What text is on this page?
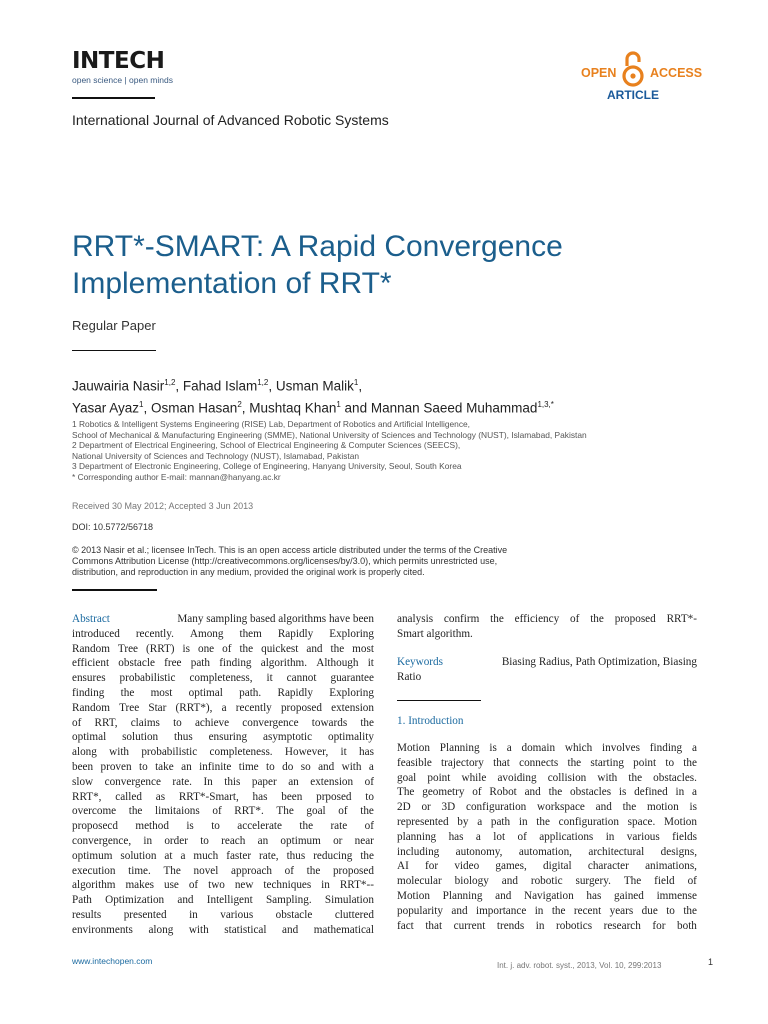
INTECH
open science | open minds	OPEN	ACCESS
ARTICLE
International Journal of Advanced Robotic Systems
RRT*-SMART: A Rapid Convergence
Implementation of RRT*
Regular Paper
Jauwairia Nasir$^{1,2}$, Fahad Islam$^{1,2}$, Usman Malik$^1$,
Yasar Ayaz$^1$, Osman Hasan$^2$, Mushtaq Khan$^1$ and Mannan Saeed Muhammad$^{1,3,*}$
1 Robotics & Intelligent Systems Engineering (RISE) Lab, Department of Robotics and Artificial Intelligence,
School of Mechanical & Manufacturing Engineering (SMME), National University of Sciences and Technology (NUST), Islamabad, Pakistan
2 Department of Electrical Engineering, School of Electrical Engineering & Computer Sciences (SEECS),
National University of Sciences and Technology (NUST), Islamabad, Pakistan
3 Department of Electronic Engineering, College of Engineering, Hanyang University, Seoul, South Korea
* Corresponding author E-mail: mannan@hanyang.ac.kr
Received 30 May 2012; Accepted 3 Jun 2013
DOI: 10.5772/56718
© 2013 Nasir et al.; licensee InTech. This is an open access article distributed under the terms of the Creative
Commons Attribution License (http://creativecommons.org/licenses/by/3.0), which permits unrestricted use,
distribution, and reproduction in any medium, provided the original work is properly cited.
Abstract	Many sampling based algorithms have been
introduced recently. Among them Rapidly Exploring
Random Tree (RRT) is one of the quickest and the most
efficient obstacle free path finding algorithm. Although it
ensures probabilistic completeness, it cannot guarantee
finding the most optimal path. Rapidly Exploring
Random Tree Star (RRT*), a recently proposed extension
of RRT, claims to achieve convergence towards the
optimal solution thus ensuring asymptotic optimality
along with probabilistic completeness. However, it has
been proven to take an infinite time to do so and with a
slow convergence rate. In this paper an extension of
RRT*, called as RRT*-Smart, has been prposed to
overcome the limitaions of RRT*. The goal of the
proposecd method is to accelerate the rate of
convergence, in order to reach an optimum or near
optimum solution at a much faster rate, thus reducing the
execution time. The novel approach of the proposed
algorithm makes use of two new techniques in RRT*--
Path Optimization and Intelligent Sampling. Simulation
results presented in various obstacle cluttered
environments along with statistical and mathematical
analysis confirm the efficiency of the proposed RRT*-
Smart algorithm.
Keywords	Biasing Radius, Path Optimization, Biasing
Ratio
1. Introduction
Motion Planning is a domain which involves finding a
feasible trajectory that connects the starting point to the
goal point while avoiding collision with the obstacles.
The geometry of Robot and the obstacles is defined in a
2D or 3D configuration workspace and the motion is
represented by a path in the configuration space. Motion
planning has a lot of applications in various fields
including autonomy, automation, architectural designs,
AI for video games, digital character animations,
molecular biology and robotic surgery. The field of
Motion Planning and Navigation has gained immense
popularity and importance in the recent years due to the
fact that current trends in robotics research for both
www.intechopen.com	Int. j. adv. robot. syst., 2013, Vol. 10, 299:2013	1
